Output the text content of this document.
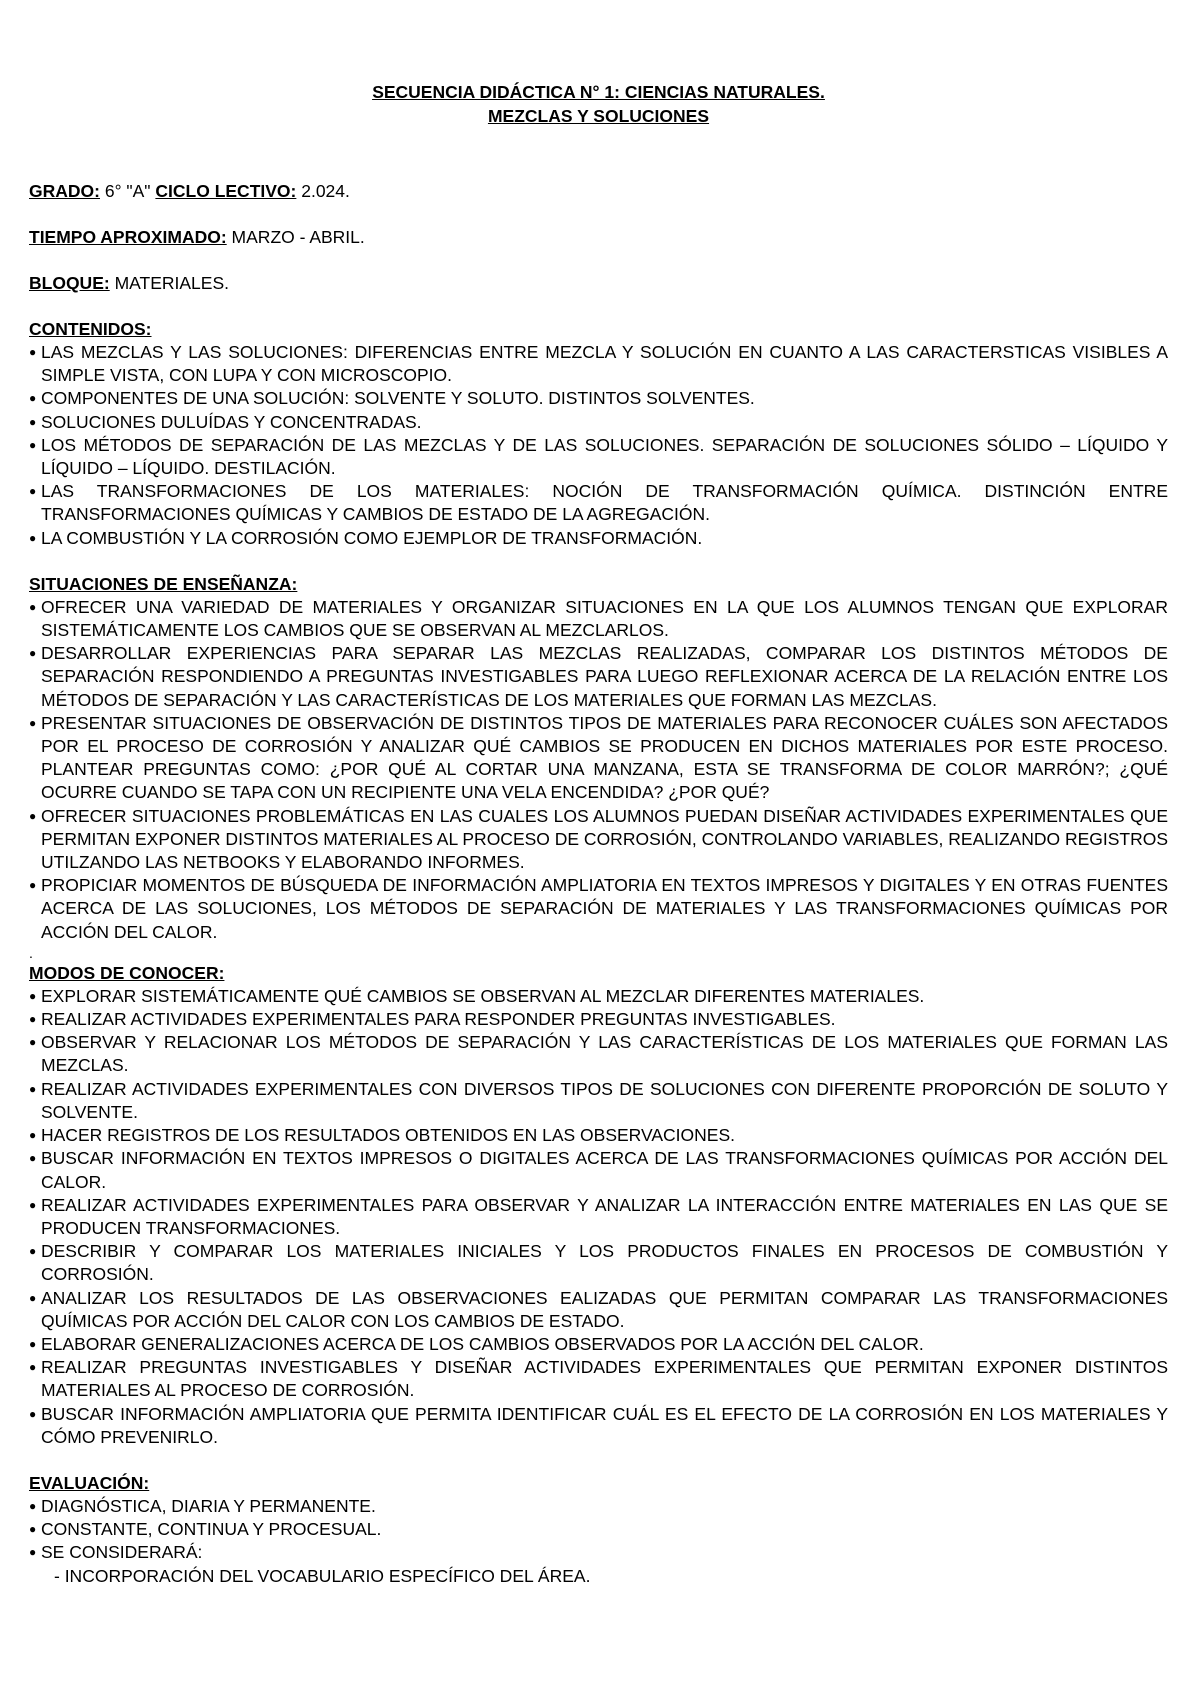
SECUENCIA DIDÁCTICA N° 1: CIENCIAS NATURALES.
MEZCLAS Y SOLUCIONES

GRADO: 6° "A" CICLO LECTIVO: 2.024.

TIEMPO APROXIMADO: MARZO - ABRIL.

BLOQUE: MATERIALES.

CONTENIDOS:
● LAS MEZCLAS Y LAS SOLUCIONES: DIFERENCIAS ENTRE MEZCLA Y SOLUCIÓN EN CUANTO A LAS CARACTERSTICAS VISIBLES A SIMPLE VISTA, CON LUPA Y CON MICROSCOPIO.
● COMPONENTES DE UNA SOLUCIÓN: SOLVENTE Y SOLUTO. DISTINTOS SOLVENTES.
● SOLUCIONES DULUÍDAS Y CONCENTRADAS.
● LOS MÉTODOS DE SEPARACIÓN DE LAS MEZCLAS Y DE LAS SOLUCIONES. SEPARACIÓN DE SOLUCIONES SÓLIDO – LÍQUIDO Y LÍQUIDO – LÍQUIDO. DESTILACIÓN.
● LAS TRANSFORMACIONES DE LOS MATERIALES: NOCIÓN DE TRANSFORMACIÓN QUÍMICA. DISTINCIÓN ENTRE TRANSFORMACIONES QUÍMICAS Y CAMBIOS DE ESTADO DE LA AGREGACIÓN.
● LA COMBUSTIÓN Y LA CORROSIÓN COMO EJEMPLOR DE TRANSFORMACIÓN.
SITUACIONES DE ENSEÑANZA:
● OFRECER UNA VARIEDAD DE MATERIALES Y ORGANIZAR SITUACIONES EN LA QUE LOS ALUMNOS TENGAN QUE EXPLORAR SISTEMÁTICAMENTE LOS CAMBIOS QUE SE OBSERVAN AL MEZCLARLOS.
● DESARROLLAR EXPERIENCIAS PARA SEPARAR LAS MEZCLAS REALIZADAS, COMPARAR LOS DISTINTOS MÉTODOS DE SEPARACIÓN RESPONDIENDO A PREGUNTAS INVESTIGABLES PARA LUEGO REFLEXIONAR ACERCA DE LA RELACIÓN ENTRE LOS MÉTODOS DE SEPARACIÓN Y LAS CARACTERÍSTICAS DE LOS MATERIALES QUE FORMAN LAS MEZCLAS.
● PRESENTAR SITUACIONES DE OBSERVACIÓN DE DISTINTOS TIPOS DE MATERIALES PARA RECONOCER CUÁLES SON AFECTADOS POR EL PROCESO DE CORROSIÓN Y ANALIZAR QUÉ CAMBIOS SE PRODUCEN EN DICHOS MATERIALES POR ESTE PROCESO. PLANTEAR PREGUNTAS COMO: ¿POR QUÉ AL CORTAR UNA MANZANA, ESTA SE TRANSFORMA DE COLOR MARRÓN?; ¿QUÉ OCURRE CUANDO SE TAPA CON UN RECIPIENTE UNA VELA ENCENDIDA? ¿POR QUÉ?
● OFRECER SITUACIONES PROBLEMÁTICAS EN LAS CUALES LOS ALUMNOS PUEDAN DISEÑAR ACTIVIDADES EXPERIMENTALES QUE PERMITAN EXPONER DISTINTOS MATERIALES AL PROCESO DE CORROSIÓN, CONTROLANDO VARIABLES, REALIZANDO REGISTROS UTILZANDO LAS NETBOOKS Y ELABORANDO INFORMES.
● PROPICIAR MOMENTOS DE BÚSQUEDA DE INFORMACIÓN AMPLIATORIA EN TEXTOS IMPRESOS Y DIGITALES Y EN OTRAS FUENTES ACERCA DE LAS SOLUCIONES, LOS MÉTODOS DE SEPARACIÓN DE MATERIALES Y LAS TRANSFORMACIONES QUÍMICAS POR ACCIÓN DEL CALOR.
.
MODOS DE CONOCER:
● EXPLORAR SISTEMÁTICAMENTE QUÉ CAMBIOS SE OBSERVAN AL MEZCLAR DIFERENTES MATERIALES.
● REALIZAR ACTIVIDADES EXPERIMENTALES PARA RESPONDER PREGUNTAS INVESTIGABLES.
● OBSERVAR Y RELACIONAR LOS MÉTODOS DE SEPARACIÓN Y LAS CARACTERÍSTICAS DE LOS MATERIALES QUE FORMAN LAS MEZCLAS.
● REALIZAR ACTIVIDADES EXPERIMENTALES CON DIVERSOS TIPOS DE SOLUCIONES CON DIFERENTE PROPORCIÓN DE SOLUTO Y SOLVENTE.
● HACER REGISTROS DE LOS RESULTADOS OBTENIDOS EN LAS OBSERVACIONES.
● BUSCAR INFORMACIÓN EN TEXTOS IMPRESOS O DIGITALES ACERCA DE LAS TRANSFORMACIONES QUÍMICAS POR ACCIÓN DEL CALOR.
● REALIZAR ACTIVIDADES EXPERIMENTALES PARA OBSERVAR Y ANALIZAR LA INTERACCIÓN ENTRE MATERIALES EN LAS QUE SE PRODUCEN TRANSFORMACIONES.
● DESCRIBIR Y COMPARAR LOS MATERIALES INICIALES Y LOS PRODUCTOS FINALES EN PROCESOS DE COMBUSTIÓN Y CORROSIÓN.
● ANALIZAR LOS RESULTADOS DE LAS OBSERVACIONES EALIZADAS QUE PERMITAN COMPARAR LAS TRANSFORMACIONES QUÍMICAS POR ACCIÓN DEL CALOR CON LOS CAMBIOS DE ESTADO.
● ELABORAR GENERALIZACIONES ACERCA DE LOS CAMBIOS OBSERVADOS POR LA ACCIÓN DEL CALOR.
● REALIZAR PREGUNTAS INVESTIGABLES Y DISEÑAR ACTIVIDADES EXPERIMENTALES QUE PERMITAN EXPONER DISTINTOS MATERIALES AL PROCESO DE CORROSIÓN.
● BUSCAR INFORMACIÓN AMPLIATORIA QUE PERMITA IDENTIFICAR CUÁL ES EL EFECTO DE LA CORROSIÓN EN LOS MATERIALES Y CÓMO PREVENIRLO.
EVALUACIÓN:
● DIAGNÓSTICA, DIARIA Y PERMANENTE.
● CONSTANTE, CONTINUA Y PROCESUAL.
● SE CONSIDERARÁ:
- INCORPORACIÓN DEL VOCABULARIO ESPECÍFICO DEL ÁREA.
